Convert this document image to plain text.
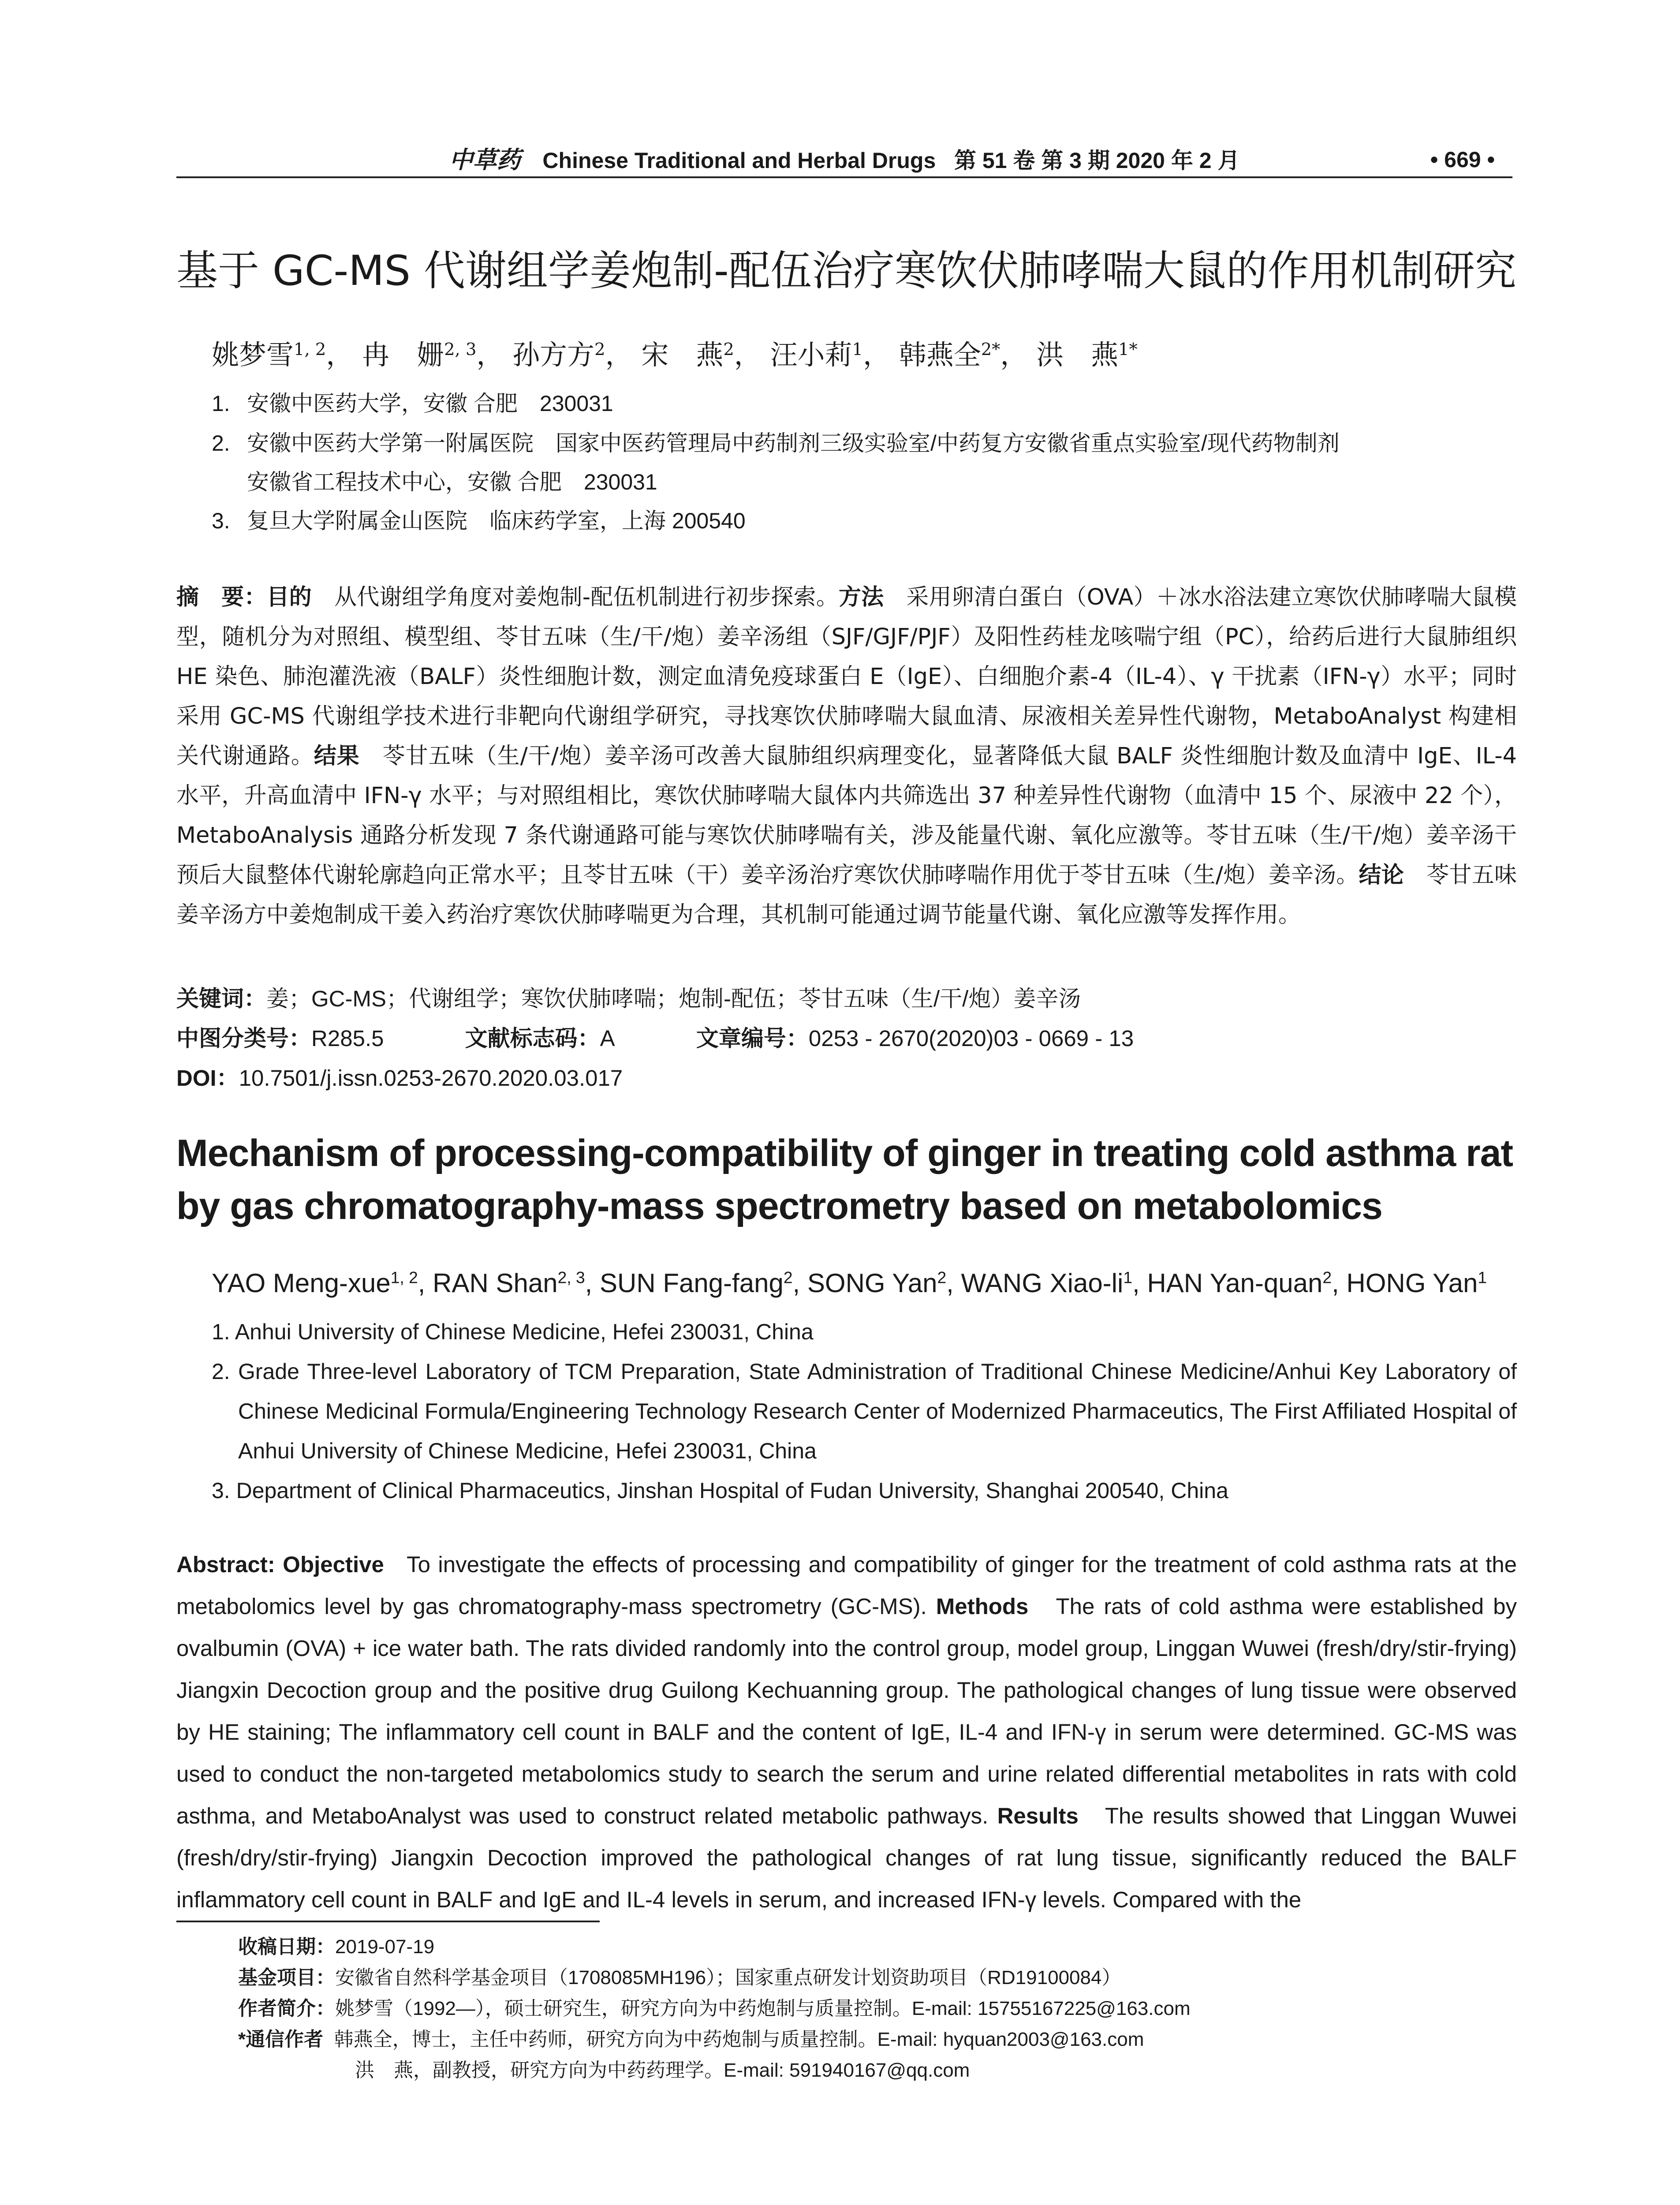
中草药 Chinese Traditional and Herbal Drugs 第 51 卷 第 3 期 2020 年 2 月	• 669 •
基于 GC-MS 代谢组学姜炮制-配伍治疗寒饮伏肺哮喘大鼠的作用机制研究
姚梦雪$^{1, 2}$， 冉　姗$^{2, 3}$， 孙方方$^2$， 宋　燕$^2$， 汪小莉$^1$， 韩燕全$^{2*}$， 洪　燕$^{1*}$
1. 安徽中医药大学，安徽 合肥　230031
2. 安徽中医药大学第一附属医院　国家中医药管理局中药制剂三级实验室/中药复方安徽省重点实验室/现代药物制剂
安徽省工程技术中心，安徽 合肥　230031
3. 复旦大学附属金山医院　临床药学室，上海 200540
摘　要：目的　 从代谢组学角度对姜炮制-配伍机制进行初步探索。方法　 采用卵清白蛋白（OVA）＋冰水浴法建立寒饮伏肺哮喘大鼠模型，随机分为对照组、模型组、苓甘五味（生/干/炮）姜辛汤组（SJF/GJF/PJF）及阳性药桂龙咳喘宁组（PC），给药后进行大鼠肺组织 HE 染色、肺泡灌洗液（BALF）炎性细胞计数，测定血清免疫球蛋白 E（IgE）、白细胞介素-4（IL-4）、γ 干扰素（IFN-γ）水平；同时采用 GC-MS 代谢组学技术进行非靶向代谢组学研究，寻找寒饮伏肺哮喘大鼠血清、尿液相关差异性代谢物，MetaboAnalyst 构建相关代谢通路。结果　 苓甘五味（生/干/炮）姜辛汤可改善大鼠肺组织病理变化，显著降低大鼠 BALF 炎性细胞计数及血清中 IgE、IL-4 水平，升高血清中 IFN-γ 水平；与对照组相比，寒饮伏肺哮喘大鼠体内共筛选出 37 种差异性代谢物（血清中 15 个、尿液中 22 个），MetaboAnalysis 通路分析发现 7 条代谢通路可能与寒饮伏肺哮喘有关，涉及能量代谢、氧化应激等。苓甘五味（生/干/炮）姜辛汤干预后大鼠整体代谢轮廓趋向正常水平；且苓甘五味（干）姜辛汤治疗寒饮伏肺哮喘作用优于苓甘五味（生/炮）姜辛汤。结论　 苓甘五味姜辛汤方中姜炮制成干姜入药治疗寒饮伏肺哮喘更为合理，其机制可能通过调节能量代谢、氧化应激等发挥作用。
关键词：姜；GC-MS；代谢组学；寒饮伏肺哮喘；炮制-配伍；苓甘五味（生/干/炮）姜辛汤
中图分类号：R285.5	文献标志码：A	文章编号：0253 - 2670(2020)03 - 0669 - 13
DOI：10.7501/j.issn.0253-2670.2020.03.017
Mechanism of processing-compatibility of ginger in treating cold asthma rat by gas chromatography-mass spectrometry based on metabolomics
YAO Meng-xue$^{1, 2}$, RAN Shan$^{2, 3}$, SUN Fang-fang$^2$, SONG Yan$^2$, WANG Xiao-$li^1$, HAN Yan-quan$^2$, HONG Yan$^1$
1. Anhui University of Chinese Medicine, Hefei 230031, China
2. Grade Three-level Laboratory of TCM Preparation, State Administration of Traditional Chinese Medicine/Anhui Key Laboratory of Chinese Medicinal Formula/Engineering Technology Research Center of Modernized Pharmaceutics, The First Affiliated Hospital of Anhui University of Chinese Medicine, Hefei 230031, China
3. Department of Clinical Pharmaceutics, Jinshan Hospital of Fudan University, Shanghai 200540, China
Abstract: Objective To investigate the effects of processing and compatibility of ginger for the treatment of cold asthma rats at the metabolomics level by gas chromatography-mass spectrometry (GC-MS). Methods The rats of cold asthma were established by ovalbumin (OVA) + ice water bath. The rats divided randomly into the control group, model group, Linggan Wuwei (fresh/dry/stir-frying) Jiangxin Decoction group and the positive drug Guilong Kechuanning group. The pathological changes of lung tissue were observed by HE staining; The inflammatory cell count in BALF and the content of IgE, IL-4 and IFN-γ in serum were determined. GC-MS was used to conduct the non-targeted metabolomics study to search the serum and urine related differential metabolites in rats with cold asthma, and MetaboAnalyst was used to construct related metabolic pathways. Results The results showed that Linggan Wuwei (fresh/dry/stir-frying) Jiangxin Decoction improved the pathological changes of rat lung tissue, significantly reduced the BALF inflammatory cell count in BALF and IgE and IL-4 levels in serum, and increased IFN-γ levels. Compared with the
收稿日期：2019-07-19
基金项目：安徽省自然科学基金项目（1708085MH196）；国家重点研发计划资助项目（RD19100084）
作者简介：姚梦雪（1992—），硕士研究生，研究方向为中药炮制与质量控制。E-mail: 15755167225@163.com
*通信作者 韩燕全，博士，主任中药师，研究方向为中药炮制与质量控制。E-mail: hyquan2003@163.com
洪　燕，副教授，研究方向为中药药理学。E-mail: 591940167@qq.com
